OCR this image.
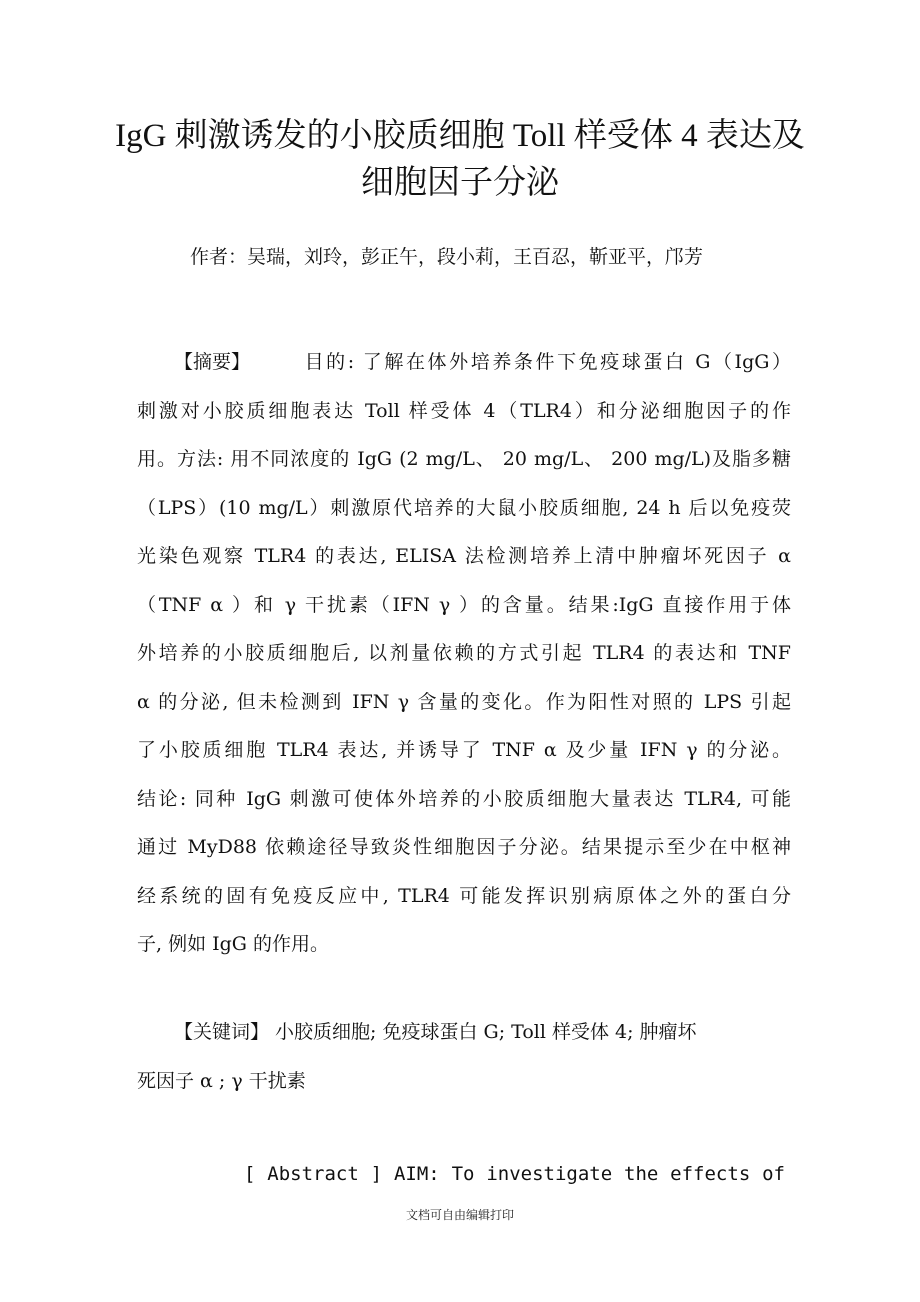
IgG 刺激诱发的小胶质细胞 Toll 样受体 4 表达及
细胞因子分泌
作者：吴瑞，刘玲，彭正午，段小莉，王百忍，靳亚平，邝芳
【摘要】	目的: 了解在体外培养条件下免疫球蛋白 G（IgG）
刺激对小胶质细胞表达 Toll 样受体 4（TLR4）和分泌细胞因子的作
用。方法: 用不同浓度的 IgG (2 mg/L、 20 mg/L、 200 mg/L)及脂多糖
（LPS）(10 mg/L）刺激原代培养的大鼠小胶质细胞, 24 h 后以免疫荧
光染色观察 TLR4 的表达, ELISA 法检测培养上清中肿瘤坏死因子 α
（TNF α ）和 γ 干扰素（IFN γ ）的含量。结果:IgG 直接作用于体
外培养的小胶质细胞后, 以剂量依赖的方式引起 TLR4 的表达和 TNF
α 的分泌, 但未检测到 IFN γ 含量的变化。作为阳性对照的 LPS 引起
了小胶质细胞 TLR4 表达, 并诱导了 TNF α 及少量 IFN γ 的分泌。
结论: 同种 IgG 刺激可使体外培养的小胶质细胞大量表达 TLR4, 可能
通过 MyD88 依赖途径导致炎性细胞因子分泌。结果提示至少在中枢神
经系统的固有免疫反应中, TLR4 可能发挥识别病原体之外的蛋白分
子, 例如 IgG 的作用。
【关键词】 小胶质细胞; 免疫球蛋白 G; Toll 样受体 4; 肿瘤坏
死因子 α ; γ 干扰素
[ Abstract ] AIM: To investigate the effects of
文档可自由编辑打印
